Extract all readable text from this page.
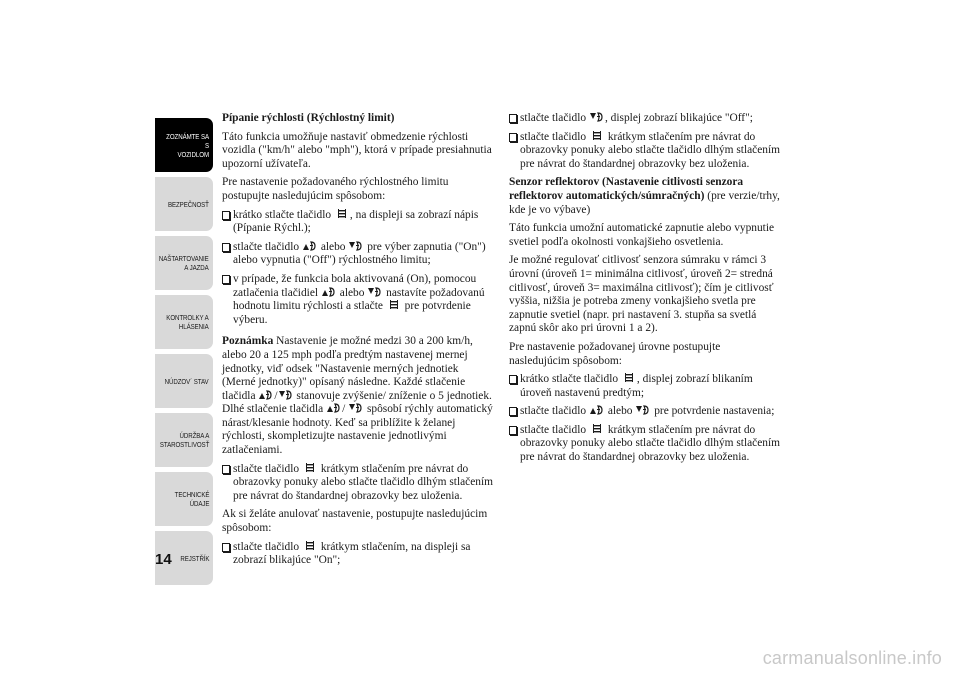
ZOZNÁMTE SA S
VOZIDLOM
BEZPEČNOSŤ
NAŠTARTOVANIE
A JAZDA
KONTROLKY A
HLÁSENIA
NÚDZOV´ STAV
ÚDRŽBA A
STAROSTLIVOSŤ
TECHNICKÉ
ÚDAJE
REJSTŘÍK
14

Pípanie rýchlosti (Rýchlostný limit)

Táto funkcia umožňuje nastaviť obmedzenie rýchlosti vozidla ("km/h" alebo "mph"), ktorá v prípade presiahnutia upozorní užívateľa.

Pre nastavenie požadovaného rýchlostného limitu postupujte nasledujúcim spôsobom:

krátko stlačte tlačidlo , na displeji sa zobrazí nápis (Pípanie Rýchl.);
stlačte tlačidlo alebo pre výber zapnutia ("On") alebo vypnutia ("Off") rýchlostného limitu;
v prípade, že funkcia bola aktivovaná (On), pomocou zatlačenia tlačidiel alebo nastavíte požadovanú hodnotu limitu rýchlosti a stlačte pre potvrdenie výberu.

Poznámka Nastavenie je možné medzi 30 a 200 km/h, alebo 20 a 125 mph podľa predtým nastavenej mernej jednotky, viď odsek "Nastavenie merných jednotiek (Merné jednotky)" opísaný následne. Každé stlačenie tlačidla / stanovuje zvýšenie/ zníženie o 5 jednotiek. Dlhé stlačenie tlačidla / spôsobí rýchly automatický nárast/klesanie hodnoty. Keď sa priblížite k želanej rýchlosti, skompletizujte nastavenie jednotlivými zatlačeniami.

stlačte tlačidlo krátkym stlačením pre návrat do obrazovky ponuky alebo stlačte tlačidlo dlhým stlačením pre návrat do štandardnej obrazovky bez uloženia.

Ak si želáte anulovať nastavenie, postupujte nasledujúcim spôsobom:

stlačte tlačidlo krátkym stlačením, na displeji sa zobrazí blikajúce "On";
stlačte tlačidlo , displej zobrazí blikajúce "Off";
stlačte tlačidlo krátkym stlačením pre návrat do obrazovky ponuky alebo stlačte tlačidlo dlhým stlačením pre návrat do štandardnej obrazovky bez uloženia.

Senzor reflektorov (Nastavenie citlivosti senzora reflektorov automatických/súmračných) (pre verzie/trhy, kde je vo výbave)

Táto funkcia umožní automatické zapnutie alebo vypnutie svetiel podľa okolnosti vonkajšieho osvetlenia.

Je možné regulovať citlivosť senzora súmraku v rámci 3 úrovní (úroveň 1= minimálna citlivosť, úroveň 2= stredná citlivosť, úroveň 3= maximálna citlivosť); čím je citlivosť vyššia, nižšia je potreba zmeny vonkajšieho svetla pre zapnutie svetiel (napr. pri nastavení 3. stupňa sa svetlá zapnú skôr ako pri úrovni 1 a 2).

Pre nastavenie požadovanej úrovne postupujte nasledujúcim spôsobom:

krátko stlačte tlačidlo , displej zobrazí blikaním úroveň nastavenú predtým;
stlačte tlačidlo alebo pre potvrdenie nastavenia;
stlačte tlačidlo krátkym stlačením pre návrat do obrazovky ponuky alebo stlačte tlačidlo dlhým stlačením pre návrat do štandardnej obrazovky bez uloženia.
carmanualsonline.info
